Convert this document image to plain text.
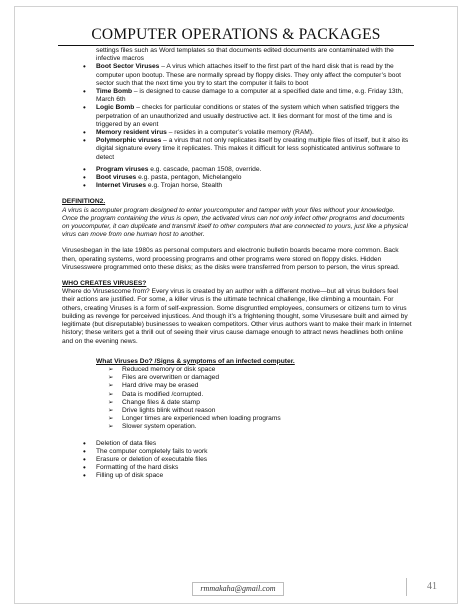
COMPUTER OPERATIONS & PACKAGES

settings files such as Word templates so that documents edited documents are contaminated with the infective macros

• Boot Sector Viruses – A virus which attaches itself to the first part of the hard disk that is read by the computer upon bootup. These are normally spread by floppy disks. They only affect the computer’s boot sector such that the next time you try to start the computer it fails to boot
• Time Bomb – is designed to cause damage to a computer at a specified date and time, e.g. Friday 13th, March 6th
• Logic Bomb – checks for particular conditions or states of the system which when satisfied triggers the perpetration of an unauthorized and usually destructive act. It lies dormant for most of the time and is triggered by an event
• Memory resident virus – resides in a computer’s volatile memory (RAM).
• Polymorphic viruses – a virus that not only replicates itself by creating multiple files of itself, but it also its digital signature every time it replicates. This makes it difficult for less sophisticated antivirus software to detect
• Program viruses e.g. cascade, pacman 1508, override.
• Boot viruses e.g. pasta, pentagon, Michelangelo
• Internet Viruses e.g. Trojan horse, Stealth

DEFINITION2.

A virus is acomputer program designed to enter yourcomputer and tamper with your files without your knowledge. Once the program containing the virus is open, the activated virus can not only infect other programs and documents on youcomputer, it can duplicate and transmit itself to other computers that are connected to yours, just like a physical virus can move from one human host to another.

Virusesbegan in the late 1980s as personal computers and electronic bulletin boards became more common. Back then, operating systems, word processing programs and other programs were stored on floppy disks. Hidden Virusesswere programmed onto these disks; as the disks were transferred from person to person, the virus spread.

WHO CREATES VIRUSES?

Where do Virusescome from? Every virus is created by an author with a different motive—but all virus builders feel their actions are justified. For some, a killer virus is the ultimate technical challenge, like climbing a mountain. For others, creating Viruses is a form of self-expression. Some disgruntled employees, consumers or citizens turn to virus building as revenge for perceived injustices. And though it’s a frightening thought, some Virusesare built and aimed by legitimate (but disreputable) businesses to weaken competitors. Other virus authors want to make their mark in Internet history; these writers get a thrill out of seeing their virus cause damage enough to attract news headlines both online and on the evening news.

What Viruses Do? /Signs & symptoms of an infected computer.

➢ Reduced memory or disk space
➢ Files are overwritten or damaged
➢ Hard drive may be erased
➢ Data is modified /corrupted.
➢ Change files & date stamp
➢ Drive lights blink without reason
➢ Longer times are experienced when loading programs
➢ Slower system operation.
• Deletion of data files
• The computer completely fails to work
• Erasure or deletion of executable files
• Formatting of the hard disks
• Filling up of disk space
rmmakaha@gmail.com	41
